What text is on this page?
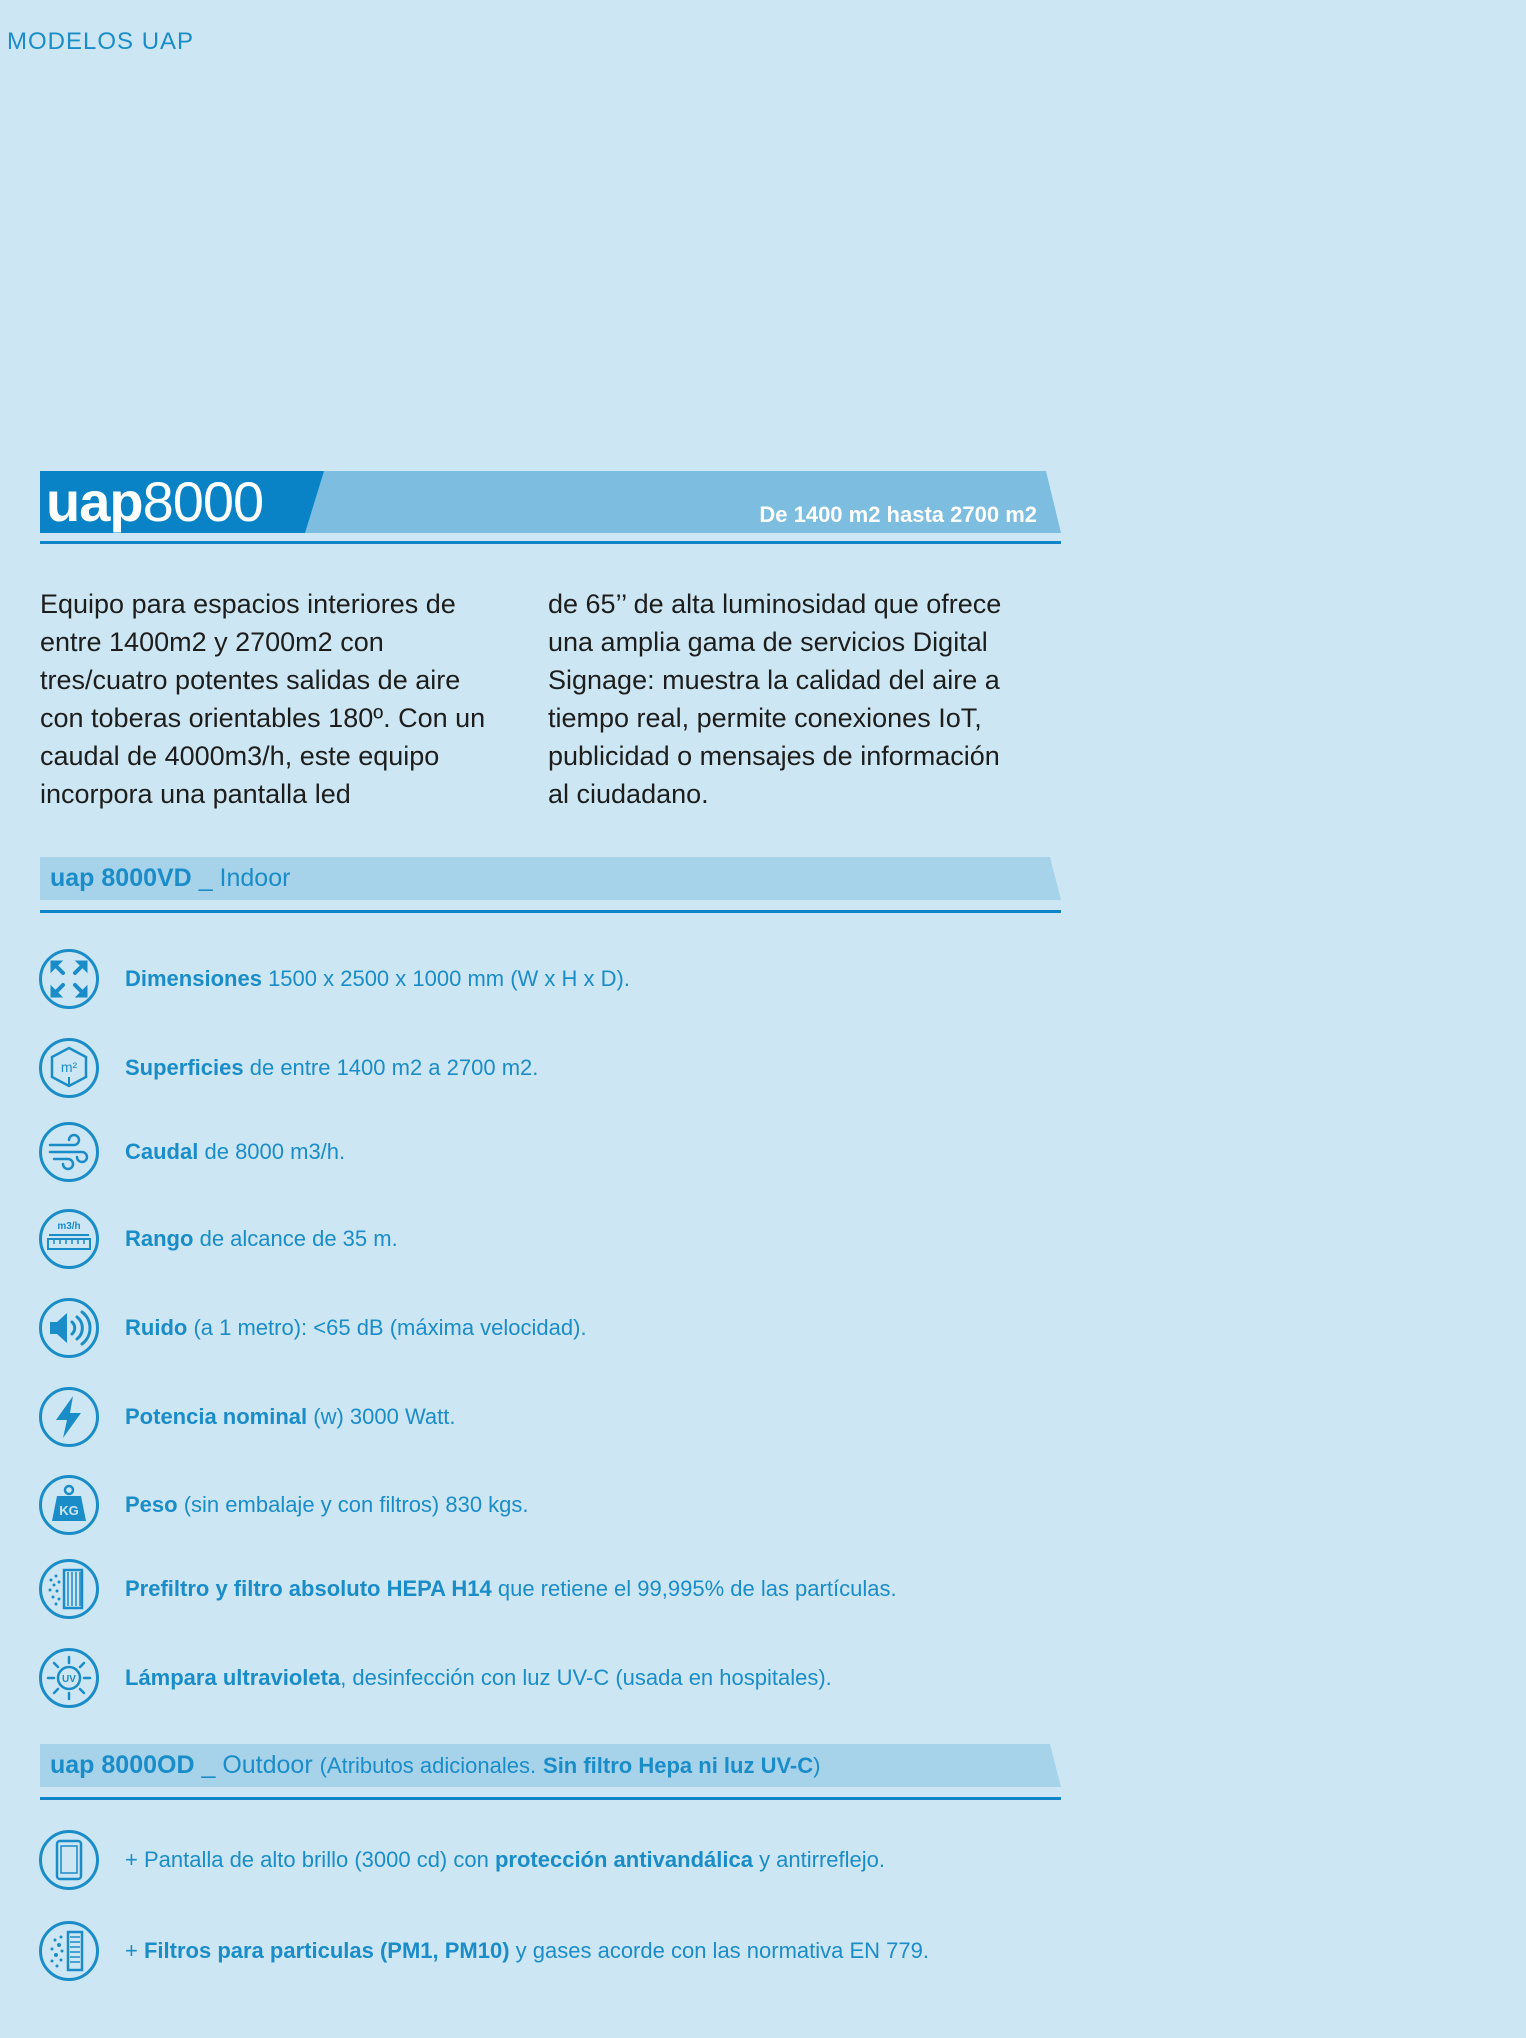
MODELOS UAP
uap8000	De 1400 m2 hasta 2700 m2
Equipo para espacios interiores de entre 1400m2 y 2700m2 con tres/cuatro potentes salidas de aire con toberas orientables 180º. Con un caudal de 4000m3/h, este equipo incorpora una pantalla led
de 65’’ de alta luminosidad que ofrece una amplia gama de servicios Digital Signage: muestra la calidad del aire a tiempo real, permite conexiones IoT, publicidad o mensajes de información al ciudadano.
uap 8000VD _ Indoor
Dimensiones 1500 x 2500 x 1000 mm (W x H x D).
m² Superficies de entre 1400 m2 a 2700 m2.
Caudal de 8000 m3/h.
m3/h Rango de alcance de 35 m.
Ruido (a 1 metro): <65 dB (máxima velocidad).
Potencia nominal (w) 3000 Watt.
KG Peso (sin embalaje y con filtros) 830 kgs.
Prefiltro y filtro absoluto HEPA H14 que retiene el 99,995% de las partículas.
UV Lámpara ultravioleta, desinfección con luz UV-C (usada en hospitales).
uap 8000OD _ Outdoor (Atributos adicionales. Sin filtro Hepa ni luz UV-C)
+ Pantalla de alto brillo (3000 cd) con protección antivandálica y antirreflejo.
+ Filtros para particulas (PM1, PM10) y gases acorde con las normativa EN 779.
